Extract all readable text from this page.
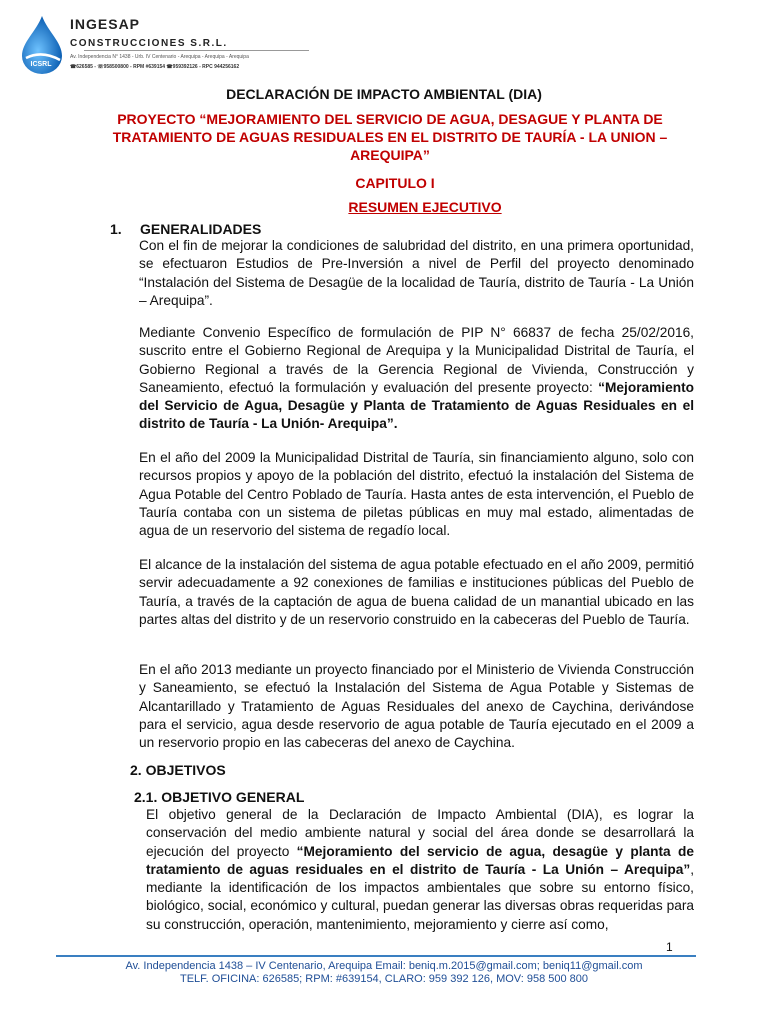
ICSRL

INGESAP

CONSTRUCCIONES S.R.L.

Av. Independencia N° 1438 - Urb. IV Centenario - Arequipa - Arequipa - Arequipa

☎626585 - ☏958500800 - RPM #639154 ☎959392126 - RPC 944256162

DECLARACIÓN DE IMPACTO AMBIENTAL (DIA)

PROYECTO “MEJORAMIENTO DEL SERVICIO DE AGUA, DESAGUE Y PLANTA DE TRATAMIENTO DE AGUAS RESIDUALES EN EL DISTRITO DE TAURÍA - LA UNION – AREQUIPA”

CAPITULO I

RESUMEN EJECUTIVO

1. GENERALIDADES

Con el fin de mejorar la condiciones de salubridad del distrito, en una primera oportunidad, se efectuaron Estudios de Pre-Inversión a nivel de Perfil del proyecto denominado “Instalación del Sistema de Desagüe de la localidad de Tauría, distrito de Tauría - La Unión – Arequipa”.

Mediante Convenio Específico de formulación de PIP N° 66837 de fecha 25/02/2016, suscrito entre el Gobierno Regional de Arequipa y la Municipalidad Distrital de Tauría, el Gobierno Regional a través de la Gerencia Regional de Vivienda, Construcción y Saneamiento, efectuó la formulación y evaluación del presente proyecto: “Mejoramiento del Servicio de Agua, Desagüe y Planta de Tratamiento de Aguas Residuales en el distrito de Tauría - La Unión- Arequipa”.

En el año del 2009 la Municipalidad Distrital de Tauría, sin financiamiento alguno, solo con recursos propios y apoyo de la población del distrito, efectuó la instalación del Sistema de Agua Potable del Centro Poblado de Tauría. Hasta antes de esta intervención, el Pueblo de Tauría contaba con un sistema de piletas públicas en muy mal estado, alimentadas de agua de un reservorio del sistema de regadío local.

El alcance de la instalación del sistema de agua potable efectuado en el año 2009, permitió servir adecuadamente a 92 conexiones de familias e instituciones públicas del Pueblo de Tauría, a través de la captación de agua de buena calidad de un manantial ubicado en las partes altas del distrito y de un reservorio construido en la cabeceras del Pueblo de Tauría.

En el año 2013 mediante un proyecto financiado por el Ministerio de Vivienda Construcción y Saneamiento, se efectuó la Instalación del Sistema de Agua Potable y Sistemas de Alcantarillado y Tratamiento de Aguas Residuales del anexo de Caychina, derivándose para el servicio, agua desde reservorio de agua potable de Tauría ejecutado en el 2009 a un reservorio propio en las cabeceras del anexo de Caychina.

2. OBJETIVOS

2.1. OBJETIVO GENERAL

El objetivo general de la Declaración de Impacto Ambiental (DIA), es lograr la conservación del medio ambiente natural y social del área donde se desarrollará la ejecución del proyecto “Mejoramiento del servicio de agua, desagüe y planta de tratamiento de aguas residuales en el distrito de Tauría - La Unión – Arequipa”, mediante la identificación de los impactos ambientales que sobre su entorno físico, biológico, social, económico y cultural, puedan generar las diversas obras requeridas para su construcción, operación, mantenimiento, mejoramiento y cierre así como,

1

Av. Independencia 1438 – IV Centenario, Arequipa Email: beniq.m.2015@gmail.com; beniq11@gmail.com

TELF. OFICINA: 626585; RPM: #639154, CLARO: 959 392 126, MOV: 958 500 800
